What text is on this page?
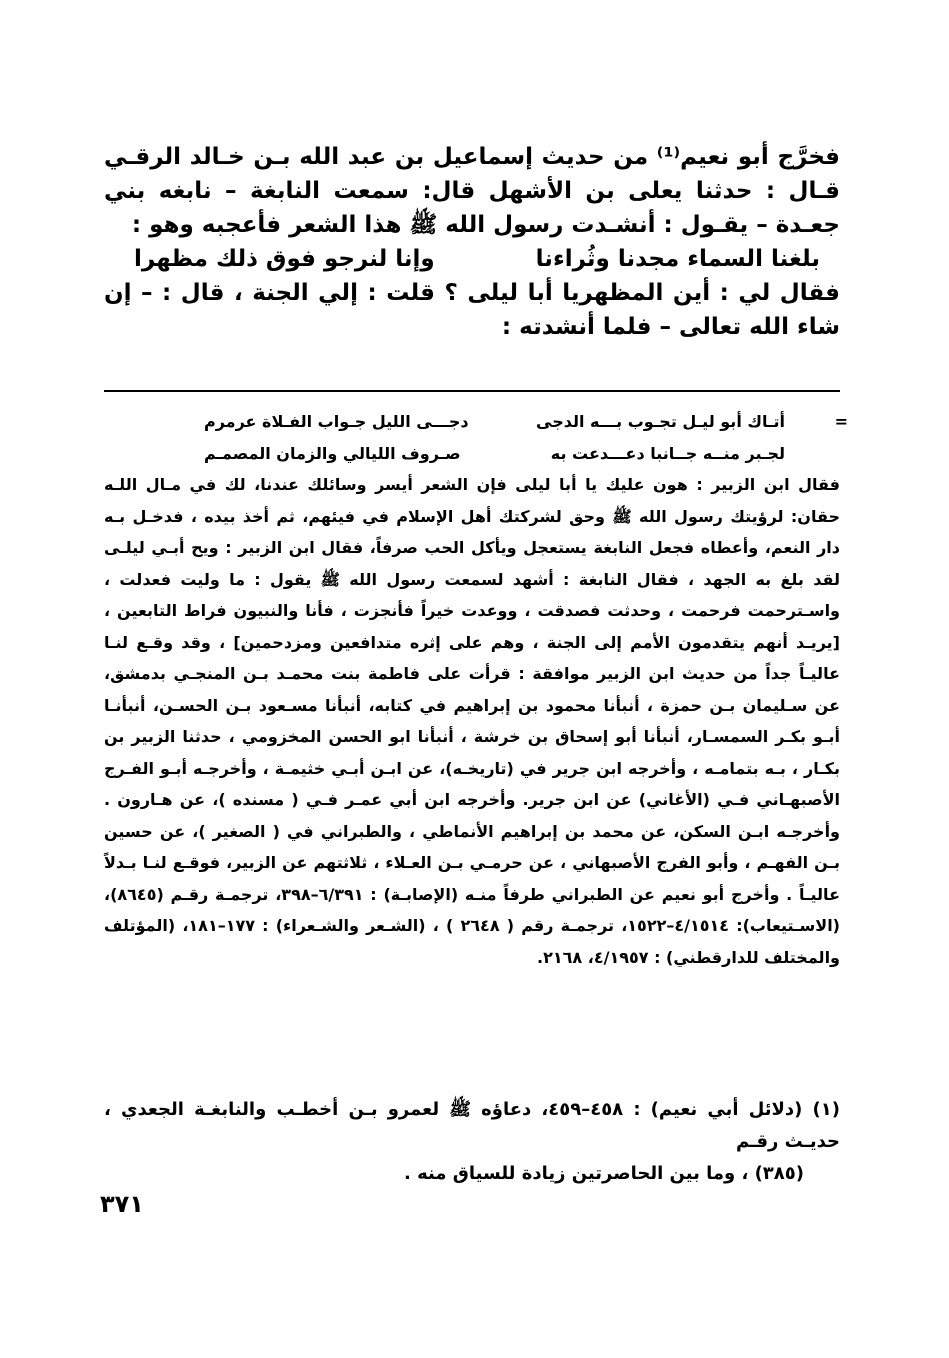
فخرَّج أبو نعيم⁽¹⁾ من حديث إسماعيل بن عبد الله بـن خـالد الرقـي قـال : حدثنا يعلى بن الأشهل قال: سمعت النابغة – نابغه بني جعـدة – يقـول : أنشـدت رسول الله ﷺ هذا الشعر فأعجبه وهو :

بلغنا السماء مجدنا وثُراءنا
وإنا لنرجو فوق ذلك مظهرا

فقال لي : أين المظهريا أبا ليلى ؟ قلت : إلي الجنة ، قال : – إن شاء الله تعالى – فلما أنشدته :

=
أتـاك أبو ليـل تجـوب بـــه الدجى
دجـــى الليل جـواب الفـلاة عرمرم
لجـبر منــه جــانبا دعـــدعت به
صـروف الليالي والزمان المصمـم

فقال ابن الزبير : هون عليك يا أبا ليلى فإن الشعر أيسر وسائلك عندنا، لك في مـال اللـه حقان: لرؤيتك رسول الله ﷺ وحق لشركتك أهل الإسلام في فيئهم، ثم أخذ بيده ، فدخـل بـه دار النعم، وأعطاه فجعل النابغة يستعجل ويأكل الحب صرفاً، فقال ابن الزبير : ويح أبـي ليلـى لقد بلغ به الجهد ، فقال النابغة : أشهد لسمعت رسول الله ﷺ يقول : ما وليت فعدلت ، واسـترحمت فرحمت ، وحدثت فصدقت ، ووعدت خيراً فأنجزت ، فأنا والنبيون فراط التابعين ، [يريـد أنهم يتقدمون الأمم إلى الجنة ، وهم على إثره متدافعين ومزدحمين] ، وقد وقـع لنـا عاليـاً جداً من حديث ابن الزبير موافقة : قرأت على فاطمة بنت محمـد بـن المنجـي بدمشق، عن سـليمان بـن حمزة ، أنبأنا محمود بن إبراهيم في كتابه، أنبأنا مسـعود بـن الحسـن، أنبأنـا أبـو بكـر السمسـار، أنبأنا أبو إسحاق بن خرشة ، أنبأنا ابو الحسن المخزومي ، حدثنا الزبير بن بكـار ، بـه بتمامـه ، وأخرجه ابن جرير في (تاريخـه)، عن ابـن أبـي خثيمـة ، وأخرجـه أبـو الفـرج الأصبهـاني فـي (الأغاني) عن ابن جرير. وأخرجه ابن أبي عمـر فـي ( مسنده )، عن هـارون . وأخرجـه ابـن السكن، عن محمد بن إبراهيم الأنماطي ، والطبراني في ( الصغير )، عن حسين بـن الفهـم ، وأبو الفرج الأصبهاني ، عن حرمـي بـن العـلاء ، ثلاثتهم عن الزبير، فوقـع لنـا بـدلاً عاليـاً . وأخرج أبو نعيم عن الطبراني طرفاً منـه (الإصابـة) : ٦/٣٩١–٣٩٨، ترجمـة رقـم (٨٦٤٥)، (الاسـتيعاب): ٤/١٥١٤–١٥٢٢، ترجمـة رقم ( ٢٦٤٨ ) ، (الشـعر والشـعراء) : ١٧٧–١٨١، (المؤتلف والمختلف للدارقطني) : ٤/١٩٥٧، ٢١٦٨.

(١) (دلائل أبي نعيم) : ٤٥٨–٤٥٩، دعاؤه ﷺ لعمرو بـن أخطـب والنابغـة الجعدي ، حديـث رقـم

(٣٨٥) ، وما بين الحاصرتين زيادة للسياق منه .

٣٧١
